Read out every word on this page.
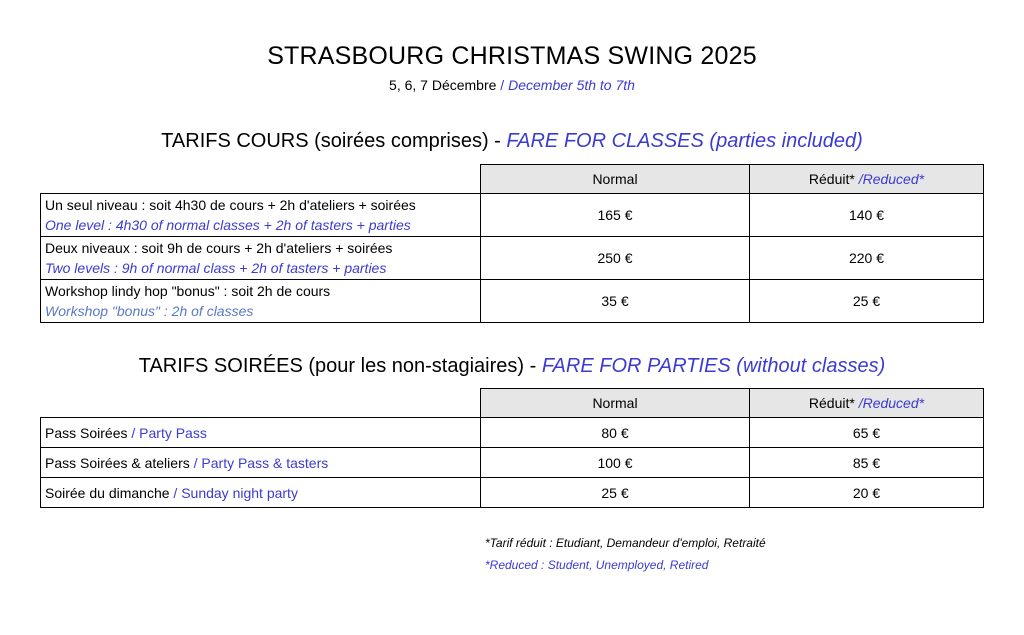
STRASBOURG CHRISTMAS SWING 2025
5, 6, 7 Décembre / December 5th to 7th
TARIFS COURS (soirées comprises) - FARE FOR CLASSES (parties included)
	Normal	Réduit* /Reduced*

Un seul niveau : soit 4h30 de cours + 2h d'ateliers + soirées
One level : 4h30 of normal classes + 2h of tasters + parties	165 €	140 €

Deux niveaux : soit 9h de cours + 2h d'ateliers + soirées
Two levels : 9h of normal class + 2h of tasters + parties	250 €	220 €

Workshop lindy hop "bonus" : soit 2h de cours
Workshop "bonus" : 2h of classes	35 €	25 €
TARIFS SOIRÉES (pour les non-stagiaires) - FARE FOR PARTIES (without classes)
	Normal	Réduit* /Reduced*
Pass Soirées / Party Pass	80 €	65 €
Pass Soirées & ateliers / Party Pass & tasters	100 €	85 €
Soirée du dimanche / Sunday night party	25 €	20 €
*Tarif réduit : Etudiant, Demandeur d'emploi, Retraité
*Reduced : Student, Unemployed, Retired
